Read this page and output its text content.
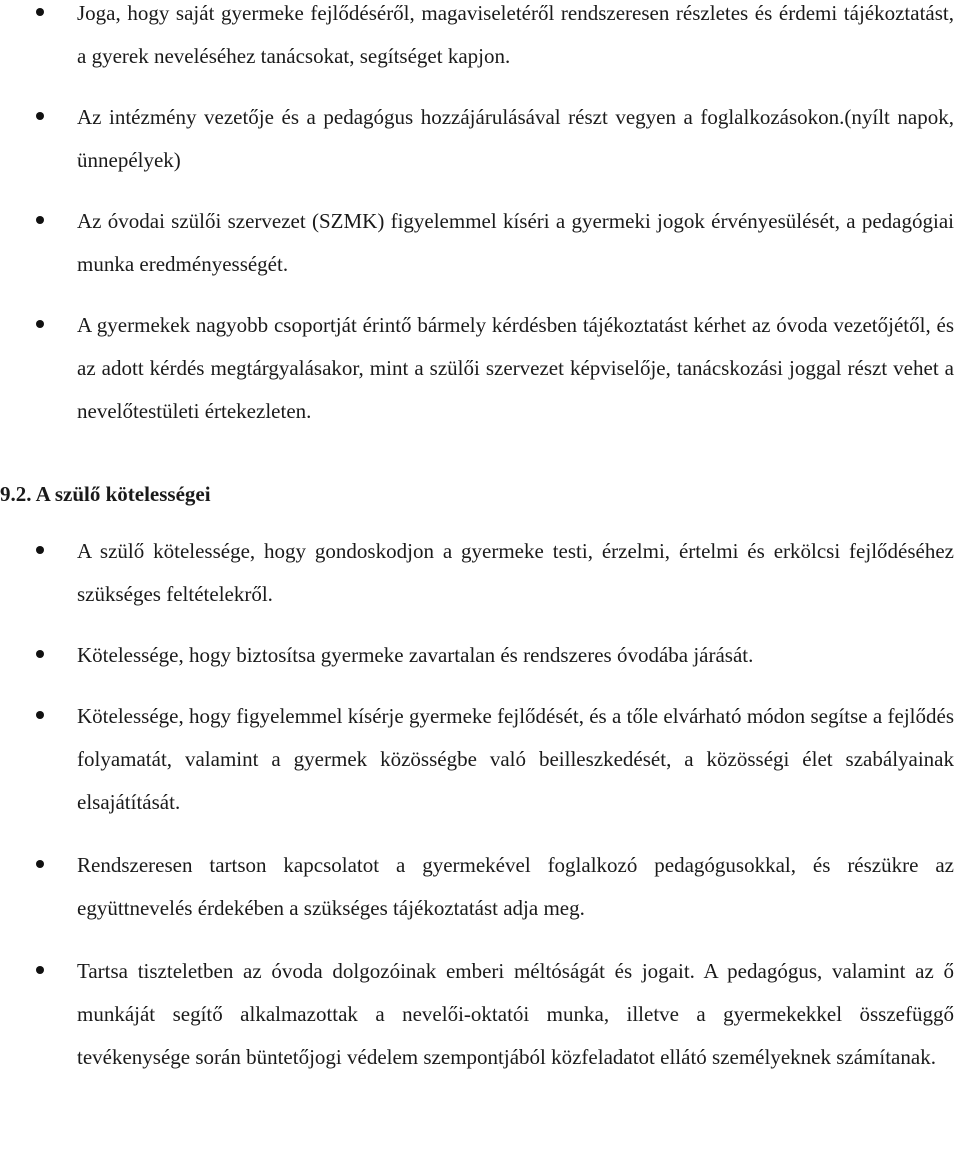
Joga, hogy saját gyermeke fejlődéséről, magaviseletéről rendszeresen részletes és érdemi tájékoztatást, a gyerek neveléséhez tanácsokat, segítséget kapjon.
Az intézmény vezetője és a pedagógus hozzájárulásával részt vegyen a foglalkozásokon.(nyílt napok, ünnepélyek)
Az óvodai szülői szervezet (SZMK) figyelemmel kíséri a gyermeki jogok érvényesülését, a pedagógiai munka eredményességét.
A gyermekek nagyobb csoportját érintő bármely kérdésben tájékoztatást kérhet az óvoda vezetőjétől, és az adott kérdés megtárgyalásakor, mint a szülői szervezet képviselője, tanácskozási joggal részt vehet a nevelőtestületi értekezleten.
9.2. A szülő kötelességei
A szülő kötelessége, hogy gondoskodjon a gyermeke testi, érzelmi, értelmi és erkölcsi fejlődéséhez szükséges feltételekről.
Kötelessége, hogy biztosítsa gyermeke zavartalan és rendszeres óvodába járását.
Kötelessége, hogy figyelemmel kísérje gyermeke fejlődését, és a tőle elvárható módon segítse a fejlődés folyamatát, valamint a gyermek közösségbe való beilleszkedését, a közösségi élet szabályainak elsajátítását.
Rendszeresen tartson kapcsolatot a gyermekével foglalkozó pedagógusokkal, és részükre az együttnevelés érdekében a szükséges tájékoztatást adja meg.
Tartsa tiszteletben az óvoda dolgozóinak emberi méltóságát és jogait. A pedagógus, valamint az ő munkáját segítő alkalmazottak a nevelői-oktatói munka, illetve a gyermekekkel összefüggő tevékenysége során büntetőjogi védelem szempontjából közfeladatot ellátó személyeknek számítanak.
